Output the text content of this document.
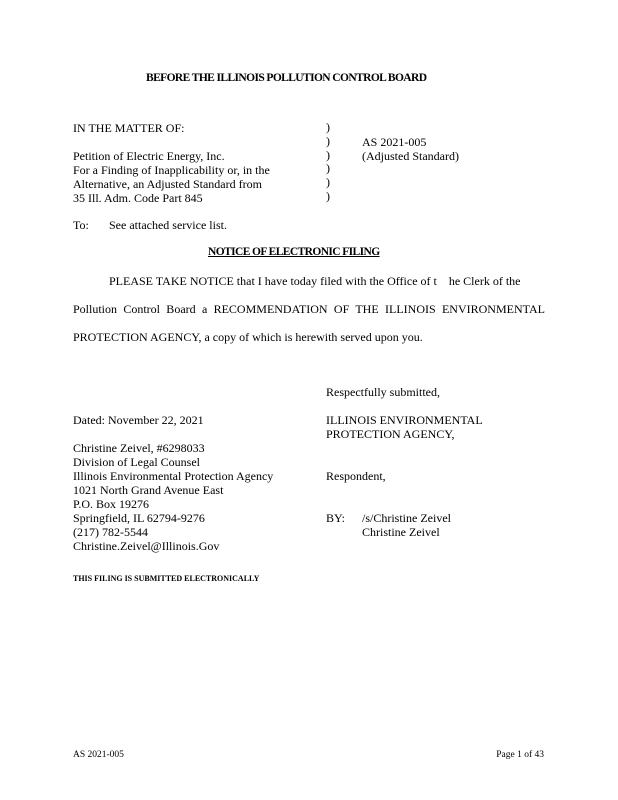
BEFORE THE ILLINOIS POLLUTION CONTROL BOARD
IN THE MATTER OF:	)
)
)
)
)
)
AS 2021-005
(Adjusted Standard)
Petition of Electric Energy, Inc.
For a Finding of Inapplicability or, in the
Alternative, an Adjusted Standard from
35 Ill. Adm. Code Part 845
To: See attached service list.
NOTICE OF ELECTRONIC FILING
PLEASE TAKE NOTICE that I have today filed with the Office of t    he Clerk of the
Pollution Control Board a RECOMMENDATION OF THE ILLINOIS ENVIRONMENTAL
PROTECTION AGENCY, a copy of which is herewith served upon you.
Respectfully submitted,
Dated: November 22, 2021	ILLINOIS ENVIRONMENTAL
PROTECTION AGENCY,
Christine Zeivel, #6298033
Division of Legal Counsel
Illinois Environmental Protection Agency
1021 North Grand Avenue East
P.O. Box 19276
Springfield, IL 62794-9276
(217) 782-5544
Christine.Zeivel@Illinois.Gov
Respondent,
BY: /s/Christine Zeivel
Christine Zeivel
THIS FILING IS SUBMITTED ELECTRONICALLY
AS 2021-005	Page 1 of 43
